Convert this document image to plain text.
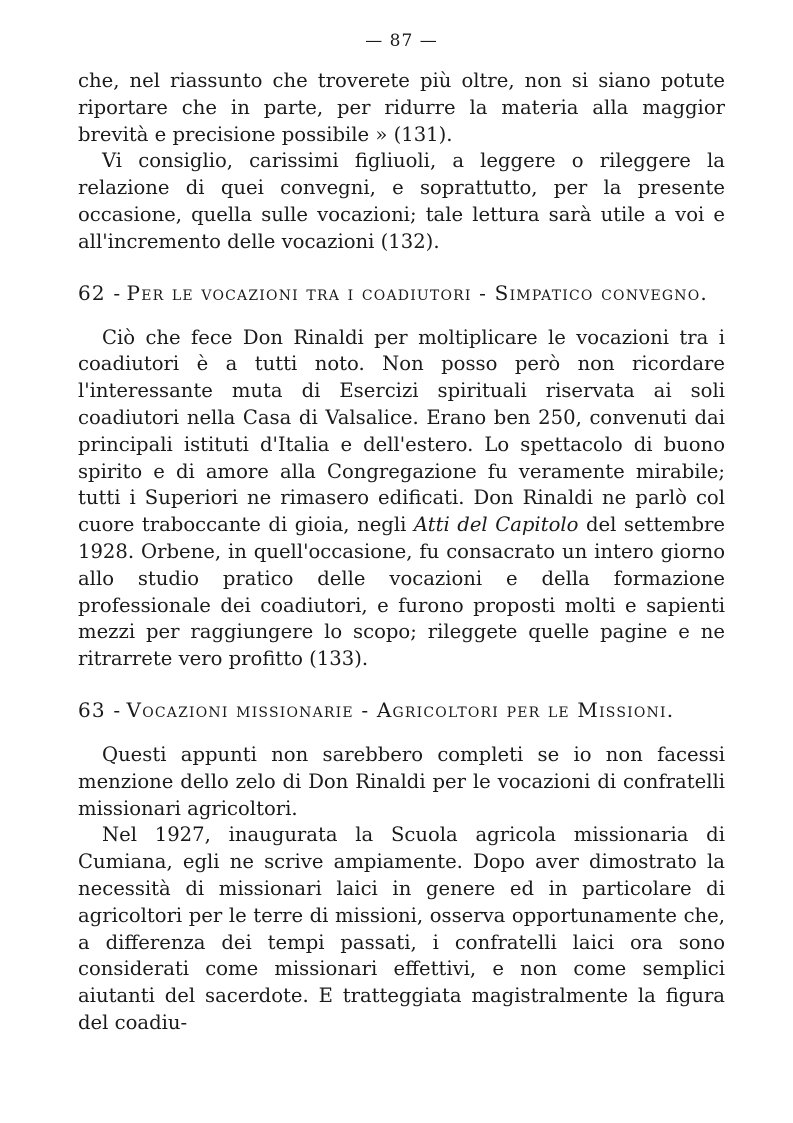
— 87 —

che, nel riassunto che troverete più oltre, non si siano potute riportare che in parte, per ridurre la materia alla maggior brevità e precisione possibile » (131).

Vi consiglio, carissimi figliuoli, a leggere o rileggere la relazione di quei convegni, e soprattutto, per la presente occasione, quella sulle vocazioni; tale lettura sarà utile a voi e all'incremento delle vocazioni (132).

62 - Per le vocazioni tra i coadiutori - Simpatico convegno.

Ciò che fece Don Rinaldi per moltiplicare le vocazioni tra i coadiutori è a tutti noto. Non posso però non ricordare l'interessante muta di Esercizi spirituali riservata ai soli coadiutori nella Casa di Valsalice. Erano ben 250, convenuti dai principali istituti d'Italia e dell'estero. Lo spettacolo di buono spirito e di amore alla Congregazione fu veramente mirabile; tutti i Superiori ne rimasero edificati. Don Rinaldi ne parlò col cuore traboccante di gioia, negli Atti del Capitolo del settembre 1928. Orbene, in quell'occasione, fu consacrato un intero giorno allo studio pratico delle vocazioni e della formazione professionale dei coadiutori, e furono proposti molti e sapienti mezzi per raggiungere lo scopo; rileggete quelle pagine e ne ritrarrete vero profitto (133).

63 - Vocazioni missionarie - Agricoltori per le Missioni.

Questi appunti non sarebbero completi se io non facessi menzione dello zelo di Don Rinaldi per le vocazioni di confratelli missionari agricoltori.

Nel 1927, inaugurata la Scuola agricola missionaria di Cumiana, egli ne scrive ampiamente. Dopo aver dimostrato la necessità di missionari laici in genere ed in particolare di agricoltori per le terre di missioni, osserva opportunamente che, a differenza dei tempi passati, i confratelli laici ora sono considerati come missionari effettivi, e non come semplici aiutanti del sacerdote. E tratteggiata magistralmente la figura del coadiu-
